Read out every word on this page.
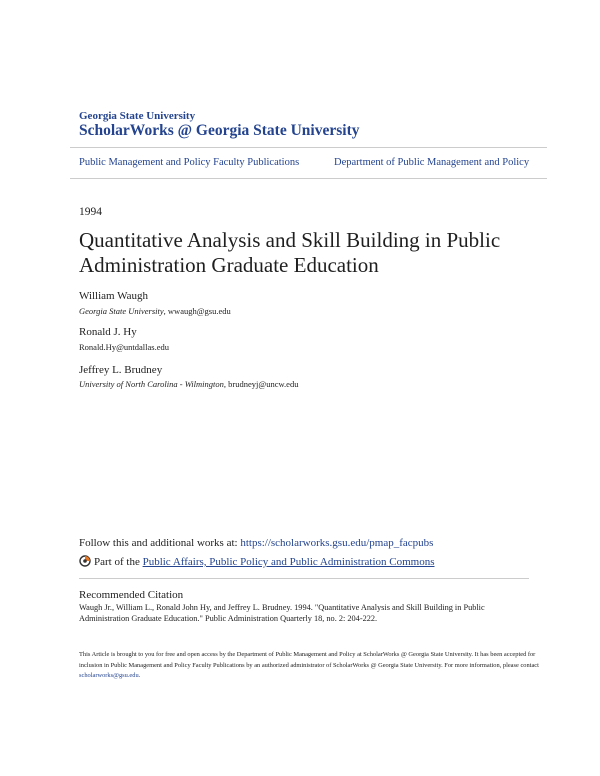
Georgia State University
ScholarWorks @ Georgia State University
Public Management and Policy Faculty Publications	Department of Public Management and Policy
1994
Quantitative Analysis and Skill Building in Public Administration Graduate Education
William Waugh
Georgia State University, wwaugh@gsu.edu
Ronald J. Hy
Ronald.Hy@untdallas.edu
Jeffrey L. Brudney
University of North Carolina - Wilmington, brudneyj@uncw.edu
Follow this and additional works at: https://scholarworks.gsu.edu/pmap_facpubs
Part of the Public Affairs, Public Policy and Public Administration Commons
Recommended Citation
Waugh Jr., William L., Ronald John Hy, and Jeffrey L. Brudney. 1994. "Quantitative Analysis and Skill Building in Public Administration Graduate Education." Public Administration Quarterly 18, no. 2: 204-222.
This Article is brought to you for free and open access by the Department of Public Management and Policy at ScholarWorks @ Georgia State University. It has been accepted for inclusion in Public Management and Policy Faculty Publications by an authorized administrator of ScholarWorks @ Georgia State University. For more information, please contact scholarworks@gsu.edu.
